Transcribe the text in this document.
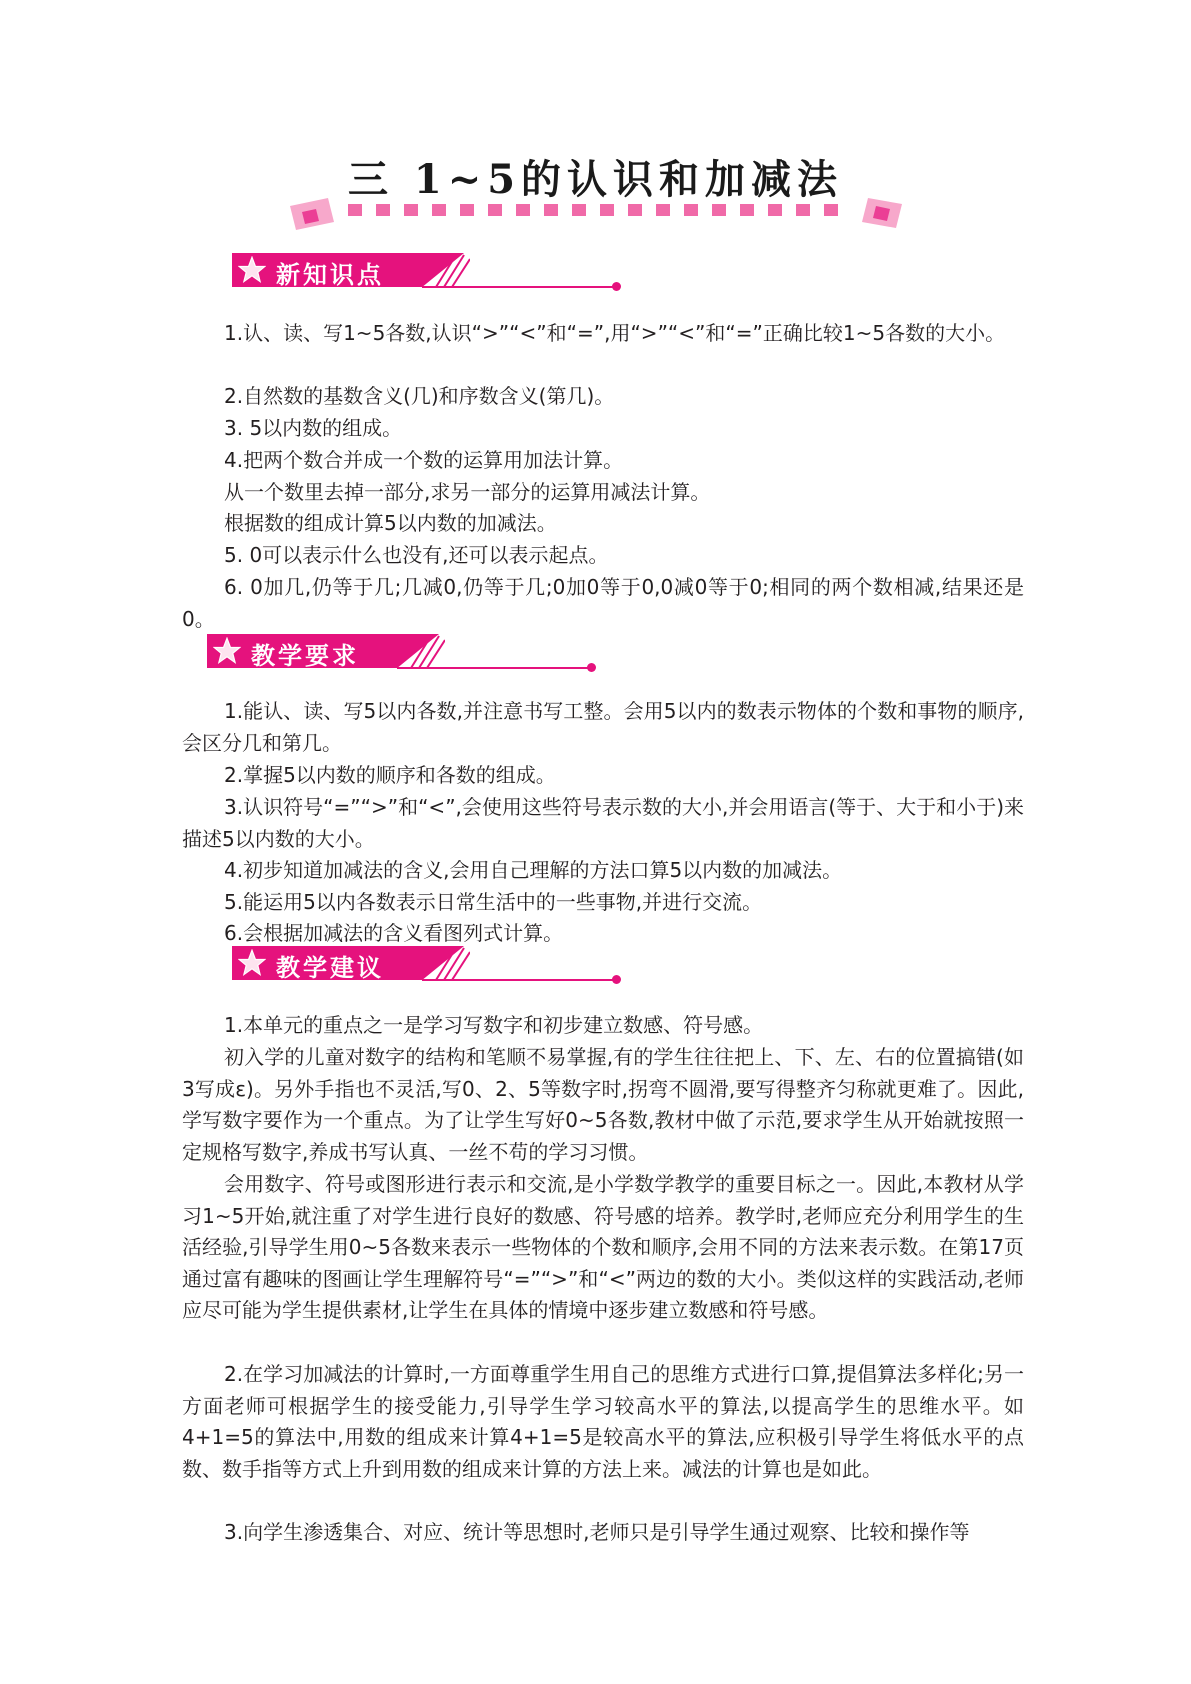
三 1~5的认识和加减法
新知识点

1.认、读、写1~5各数,认识“>”“<”和“=”,用“>”“<”和“=”正确比较1~5各数的大小。

2.自然数的基数含义(几)和序数含义(第几)。

3. 5以内数的组成。

4.把两个数合并成一个数的运算用加法计算。

从一个数里去掉一部分,求另一部分的运算用减法计算。

根据数的组成计算5以内数的加减法。

5. 0可以表示什么也没有,还可以表示起点。

6. 0加几,仍等于几;几减0,仍等于几;0加0等于0,0减0等于0;相同的两个数相减,结果还是0。

教学要求

1.能认、读、写5以内各数,并注意书写工整。会用5以内的数表示物体的个数和事物的顺序,会区分几和第几。

2.掌握5以内数的顺序和各数的组成。

3.认识符号“=”“>”和“<”,会使用这些符号表示数的大小,并会用语言(等于、大于和小于)来描述5以内数的大小。

4.初步知道加减法的含义,会用自己理解的方法口算5以内数的加减法。

5.能运用5以内各数表示日常生活中的一些事物,并进行交流。

6.会根据加减法的含义看图列式计算。

教学建议

1.本单元的重点之一是学习写数字和初步建立数感、符号感。

初入学的儿童对数字的结构和笔顺不易掌握,有的学生往往把上、下、左、右的位置搞错(如3写成ε)。另外手指也不灵活,写0、2、5等数字时,拐弯不圆滑,要写得整齐匀称就更难了。因此,学写数字要作为一个重点。为了让学生写好0~5各数,教材中做了示范,要求学生从开始就按照一定规格写数字,养成书写认真、一丝不苟的学习习惯。

会用数字、符号或图形进行表示和交流,是小学数学教学的重要目标之一。因此,本教材从学习1~5开始,就注重了对学生进行良好的数感、符号感的培养。教学时,老师应充分利用学生的生活经验,引导学生用0~5各数来表示一些物体的个数和顺序,会用不同的方法来表示数。在第17页通过富有趣味的图画让学生理解符号“=”“>”和“<”两边的数的大小。类似这样的实践活动,老师应尽可能为学生提供素材,让学生在具体的情境中逐步建立数感和符号感。

2.在学习加减法的计算时,一方面尊重学生用自己的思维方式进行口算,提倡算法多样化;另一方面老师可根据学生的接受能力,引导学生学习较高水平的算法,以提高学生的思维水平。如4+1=5的算法中,用数的组成来计算4+1=5是较高水平的算法,应积极引导学生将低水平的点数、数手指等方式上升到用数的组成来计算的方法上来。减法的计算也是如此。

3.向学生渗透集合、对应、统计等思想时,老师只是引导学生通过观察、比较和操作等
